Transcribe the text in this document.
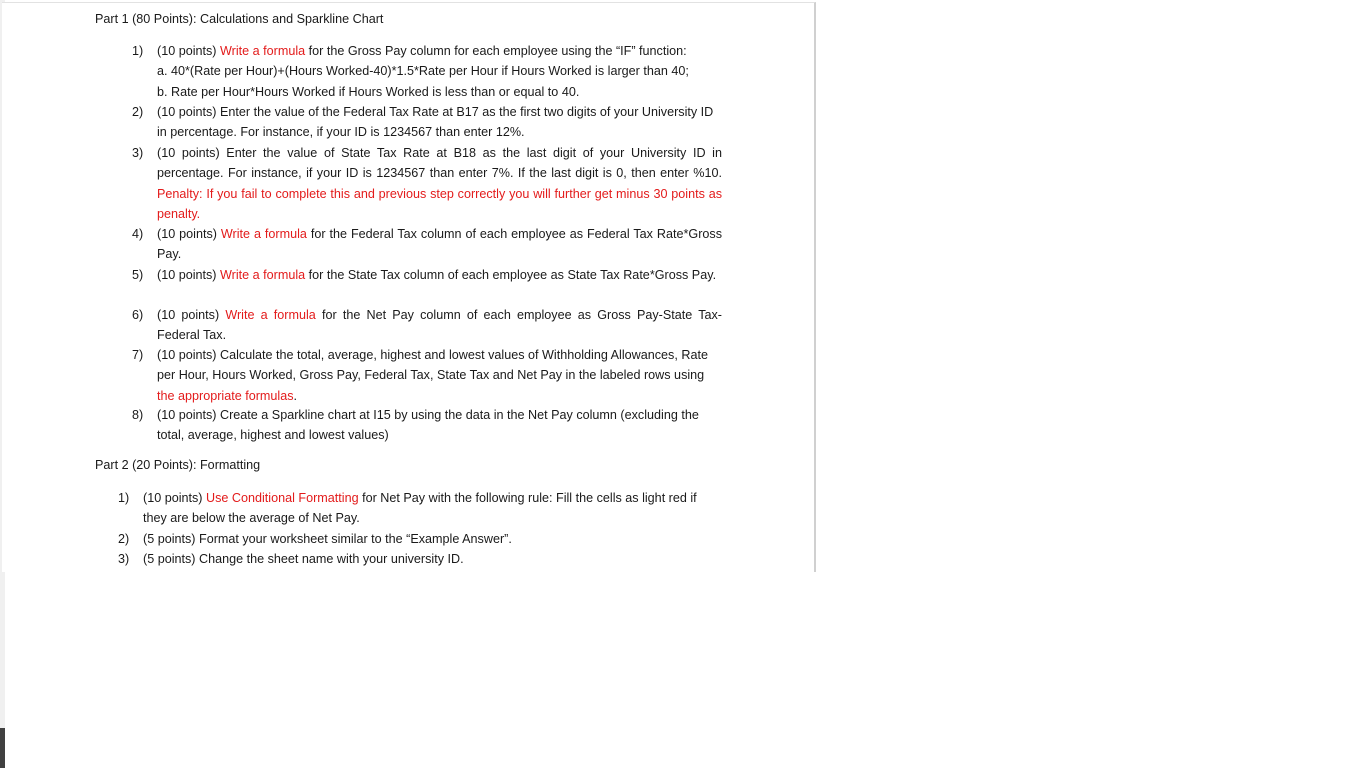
Part 1 (80 Points): Calculations and Sparkline Chart
1) (10 points) Write a formula for the Gross Pay column for each employee using the “IF” function:
a. 40*(Rate per Hour)+(Hours Worked-40)*1.5*Rate per Hour if Hours Worked is larger than 40;
b. Rate per Hour*Hours Worked if Hours Worked is less than or equal to 40.
2) (10 points) Enter the value of the Federal Tax Rate at B17 as the first two digits of your University ID in percentage. For instance, if your ID is 1234567 than enter 12%.
3) (10 points) Enter the value of State Tax Rate at B18 as the last digit of your University ID in percentage. For instance, if your ID is 1234567 than enter 7%. If the last digit is 0, then enter %10. Penalty: If you fail to complete this and previous step correctly you will further get minus 30 points as penalty.
4) (10 points) Write a formula for the Federal Tax column of each employee as Federal Tax Rate*Gross Pay.
5) (10 points) Write a formula for the State Tax column of each employee as State Tax Rate*Gross Pay.
6) (10 points) Write a formula for the Net Pay column of each employee as Gross Pay-State Tax-Federal Tax.
7) (10 points) Calculate the total, average, highest and lowest values of Withholding Allowances, Rate per Hour, Hours Worked, Gross Pay, Federal Tax, State Tax and Net Pay in the labeled rows using the appropriate formulas.
8) (10 points) Create a Sparkline chart at I15 by using the data in the Net Pay column (excluding the total, average, highest and lowest values)
Part 2 (20 Points): Formatting
1) (10 points) Use Conditional Formatting for Net Pay with the following rule: Fill the cells as light red if they are below the average of Net Pay.
2) (5 points) Format your worksheet similar to the “Example Answer”.
3) (5 points) Change the sheet name with your university ID.
